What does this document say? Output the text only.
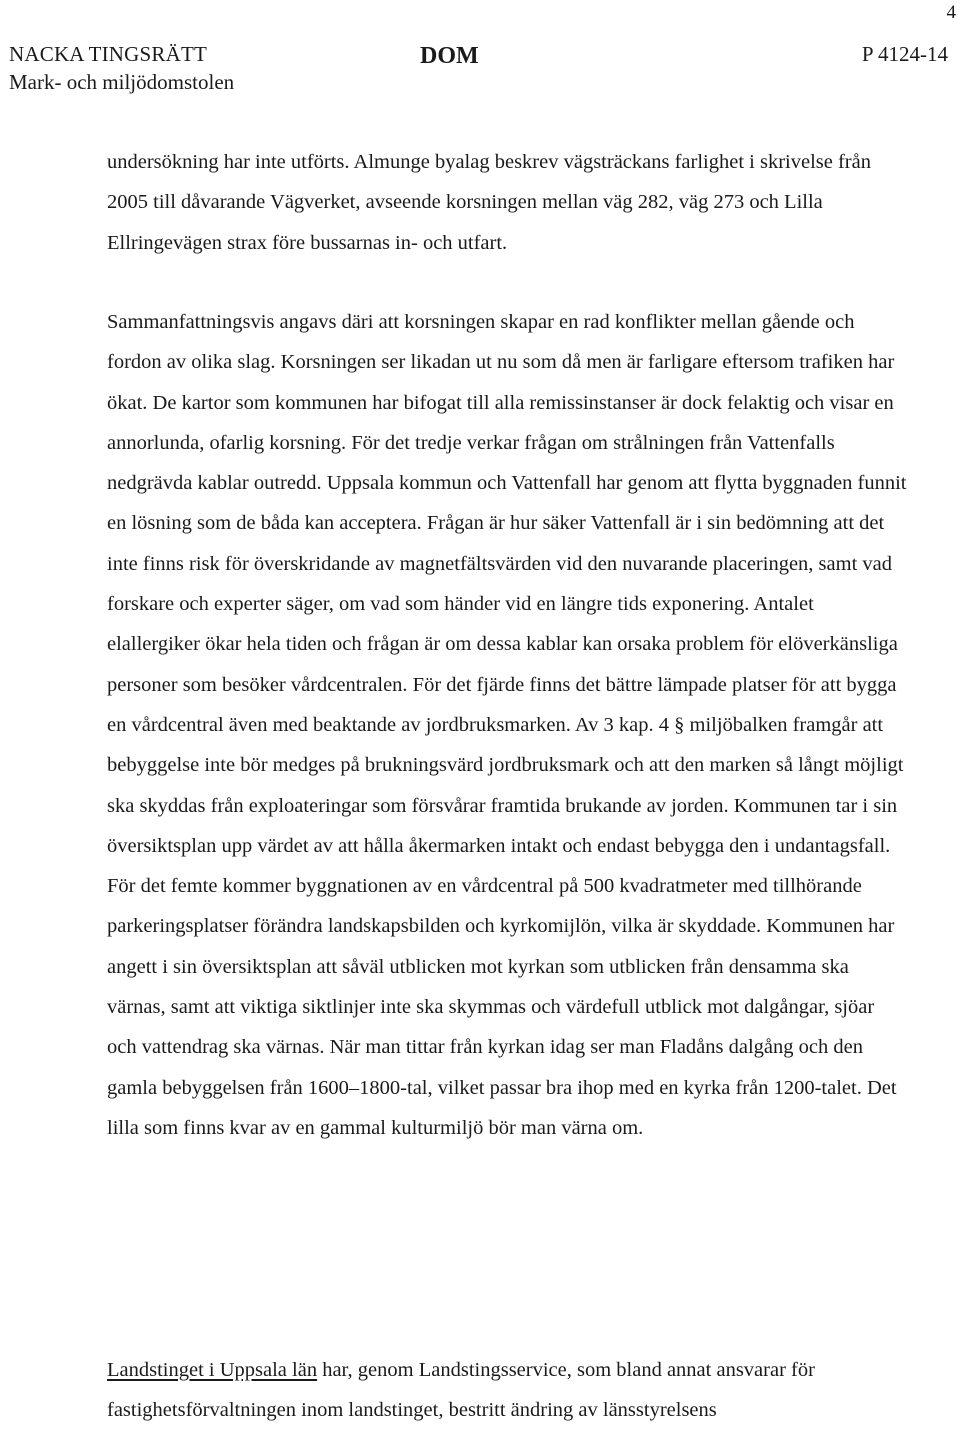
4
NACKA TINGSRÄTT
Mark- och miljödomstolen
DOM	P 4124-14

undersökning har inte utförts. Almunge byalag beskrev vägsträckans farlighet i skrivelse från 2005 till dåvarande Vägverket, avseende korsningen mellan väg 282, väg 273 och Lilla Ellringevägen strax före bussarnas in- och utfart.

Sammanfattningsvis angavs däri att korsningen skapar en rad konflikter mellan gående och fordon av olika slag. Korsningen ser likadan ut nu som då men är farligare eftersom trafiken har ökat. De kartor som kommunen har bifogat till alla remissinstanser är dock felaktig och visar en annorlunda, ofarlig korsning. För det tredje verkar frågan om strålningen från Vattenfalls nedgrävda kablar outredd. Uppsala kommun och Vattenfall har genom att flytta byggnaden funnit en lösning som de båda kan acceptera. Frågan är hur säker Vattenfall är i sin bedömning att det inte finns risk för överskridande av magnetfältsvärden vid den nuvarande placeringen, samt vad forskare och experter säger, om vad som händer vid en längre tids exponering. Antalet elallergiker ökar hela tiden och frågan är om dessa kablar kan orsaka problem för elöverkänsliga personer som besöker vårdcentralen. För det fjärde finns det bättre lämpade platser för att bygga en vårdcentral även med beaktande av jordbruksmarken. Av 3 kap. 4 § miljöbalken framgår att bebyggelse inte bör medges på brukningsvärd jordbruksmark och att den marken så långt möjligt ska skyddas från exploateringar som försvårar framtida brukande av jorden. Kommunen tar i sin översiktsplan upp värdet av att hålla åkermarken intakt och endast bebygga den i undantagsfall. För det femte kommer byggnationen av en vårdcentral på 500 kvadratmeter med tillhörande parkeringsplatser förändra landskapsbilden och kyrkomijlön, vilka är skyddade. Kommunen har angett i sin översiktsplan att såväl utblicken mot kyrkan som utblicken från densamma ska värnas, samt att viktiga siktlinjer inte ska skymmas och värdefull utblick mot dalgångar, sjöar och vattendrag ska värnas. När man tittar från kyrkan idag ser man Fladåns dalgång och den gamla bebyggelsen från 1600–1800-tal, vilket passar bra ihop med en kyrka från 1200-talet. Det lilla som finns kvar av en gammal kulturmiljö bör man värna om.

Landstinget i Uppsala län har, genom Landstingsservice, som bland annat ansvarar för fastighetsförvaltningen inom landstinget, bestritt ändring av länsstyrelsens
